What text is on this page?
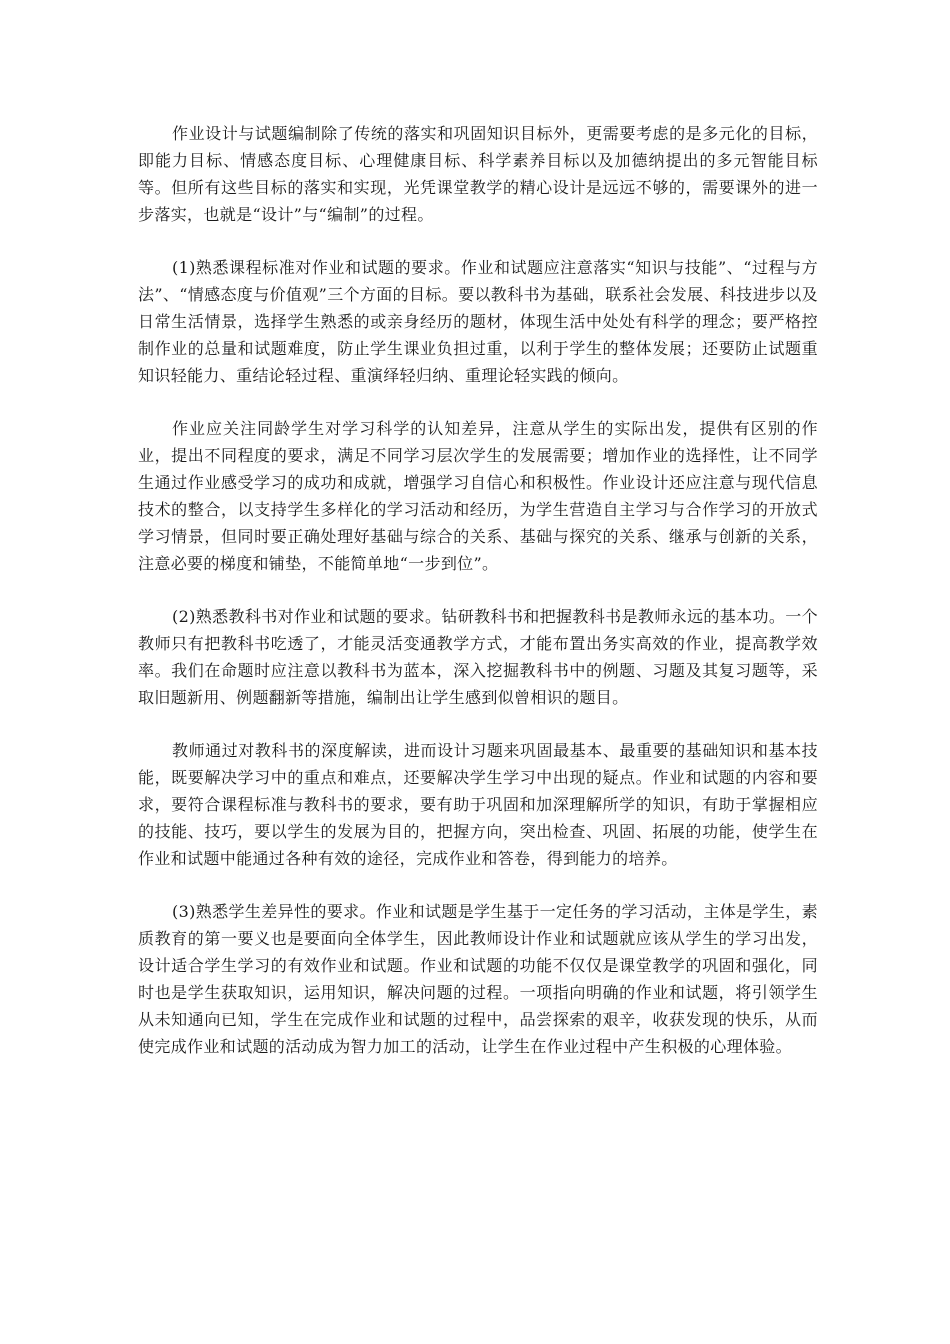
作业设计与试题编制除了传统的落实和巩固知识目标外，更需要考虑的是多元化的目标，即能力目标、情感态度目标、心理健康目标、科学素养目标以及加德纳提出的多元智能目标等。但所有这些目标的落实和实现，光凭课堂教学的精心设计是远远不够的，需要课外的进一步落实，也就是“设计”与“编制”的过程。

(1)熟悉课程标准对作业和试题的要求。作业和试题应注意落实“知识与技能”、“过程与方法”、“情感态度与价值观”三个方面的目标。要以教科书为基础，联系社会发展、科技进步以及日常生活情景，选择学生熟悉的或亲身经历的题材，体现生活中处处有科学的理念；要严格控制作业的总量和试题难度，防止学生课业负担过重，以利于学生的整体发展；还要防止试题重知识轻能力、重结论轻过程、重演绎轻归纳、重理论轻实践的倾向。

作业应关注同龄学生对学习科学的认知差异，注意从学生的实际出发，提供有区别的作业，提出不同程度的要求，满足不同学习层次学生的发展需要；增加作业的选择性，让不同学生通过作业感受学习的成功和成就，增强学习自信心和积极性。作业设计还应注意与现代信息技术的整合，以支持学生多样化的学习活动和经历，为学生营造自主学习与合作学习的开放式学习情景，但同时要正确处理好基础与综合的关系、基础与探究的关系、继承与创新的关系，注意必要的梯度和铺垫，不能简单地“一步到位”。

(2)熟悉教科书对作业和试题的要求。钻研教科书和把握教科书是教师永远的基本功。一个教师只有把教科书吃透了，才能灵活变通教学方式，才能布置出务实高效的作业，提高教学效率。我们在命题时应注意以教科书为蓝本，深入挖掘教科书中的例题、习题及其复习题等，采取旧题新用、例题翻新等措施，编制出让学生感到似曾相识的题目。

教师通过对教科书的深度解读，进而设计习题来巩固最基本、最重要的基础知识和基本技能，既要解决学习中的重点和难点，还要解决学生学习中出现的疑点。作业和试题的内容和要求，要符合课程标准与教科书的要求，要有助于巩固和加深理解所学的知识，有助于掌握相应的技能、技巧，要以学生的发展为目的，把握方向，突出检查、巩固、拓展的功能，使学生在作业和试题中能通过各种有效的途径，完成作业和答卷，得到能力的培养。

(3)熟悉学生差异性的要求。作业和试题是学生基于一定任务的学习活动，主体是学生，素质教育的第一要义也是要面向全体学生，因此教师设计作业和试题就应该从学生的学习出发，设计适合学生学习的有效作业和试题。作业和试题的功能不仅仅是课堂教学的巩固和强化，同时也是学生获取知识，运用知识，解决问题的过程。一项指向明确的作业和试题，将引领学生从未知通向已知，学生在完成作业和试题的过程中，品尝探索的艰辛，收获发现的快乐，从而使完成作业和试题的活动成为智力加工的活动，让学生在作业过程中产生积极的心理体验。
